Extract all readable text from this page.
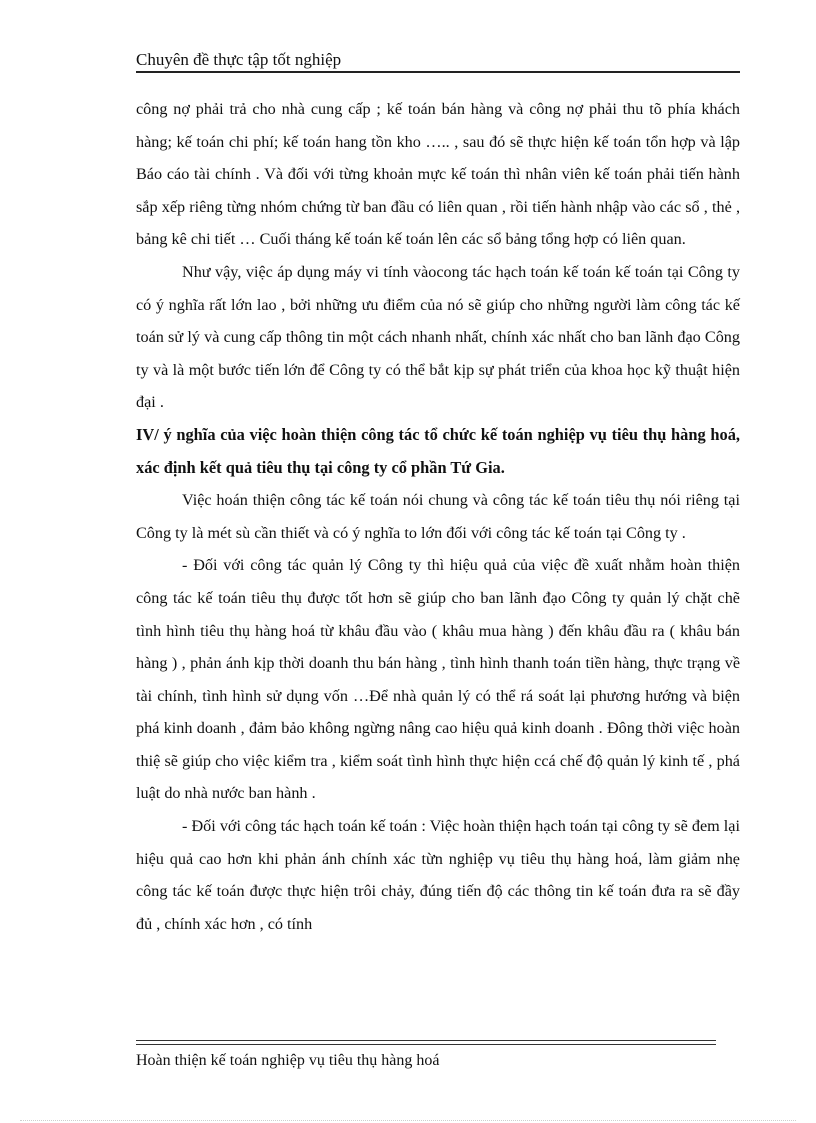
Chuyên đề thực tập tốt nghiệp

công nợ phải trả cho nhà cung cấp ; kế toán bán hàng và công nợ phải thu tõ phía khách hàng; kế toán chi phí; kế toán hang tồn kho ….. , sau đó sẽ thực hiện kế toán tổn hợp và lập Báo cáo tài chính . Và đối với từng khoản mực kế toán thì nhân viên kế toán phải tiến hành sắp xếp riêng từng nhóm chứng từ ban đầu có liên quan , rồi tiến hành nhập vào các sổ , thẻ , bảng kê chi tiết … Cuối tháng kế toán kế toán lên các sổ bảng tổng hợp có liên quan.

Như vậy, việc áp dụng máy vi tính vàocong tác hạch toán kế toán kế toán tại Công ty có ý nghĩa rất lớn lao , bởi những ưu điểm của nó sẽ giúp cho những người làm công tác kế toán sử lý và cung cấp thông tin một cách nhanh nhất, chính xác nhất cho ban lãnh đạo Công ty và là một bước tiến lớn để Công ty có thể bắt kịp sự phát triển của khoa học kỹ thuật hiện đại .

IV/ ý nghĩa của việc hoàn thiện công tác tổ chức kế toán nghiệp vụ tiêu thụ hàng hoá, xác định kết quả tiêu thụ tại công ty cổ phần Tứ Gia.

Việc hoán thiện công tác kế toán nói chung và công tác kế toán tiêu thụ nói riêng tại Công ty là mét sù cần thiết và có ý nghĩa to lớn đối với công tác kế toán tại Công ty .

- Đối với công tác quản lý Công ty thì hiệu quả của việc đề xuất nhằm hoàn thiện công tác kế toán tiêu thụ được tốt hơn sẽ giúp cho ban lãnh đạo Công ty quản lý chặt chẽ tình hình tiêu thụ hàng hoá từ khâu đầu vào ( khâu mua hàng ) đến khâu đầu ra ( khâu bán hàng ) , phản ánh kịp thời doanh thu bán hàng , tình hình thanh toán tiền hàng, thực trạng về tài chính, tình hình sử dụng vốn …Để nhà quản lý có thể rá soát lại phương hướng và biện phá kinh doanh , đảm bảo không ngừng nâng cao hiệu quả kinh doanh . Đông thời việc hoàn thiệ sẽ giúp cho việc kiểm tra , kiểm soát tình hình thực hiện ccá chế độ quản lý kinh tế , phá luật do nhà nước ban hành .

- Đối với công tác hạch toán kế toán : Việc hoàn thiện hạch toán tại công ty sẽ đem lại hiệu quả cao hơn khi phản ánh chính xác từn nghiệp vụ tiêu thụ hàng hoá, làm giảm nhẹ công tác kế toán được thực hiện trôi chảy, đúng tiến độ các thông tin kế toán đưa ra sẽ đầy đủ , chính xác hơn , có tính

Hoàn thiện kế toán nghiệp vụ tiêu thụ hàng hoá
